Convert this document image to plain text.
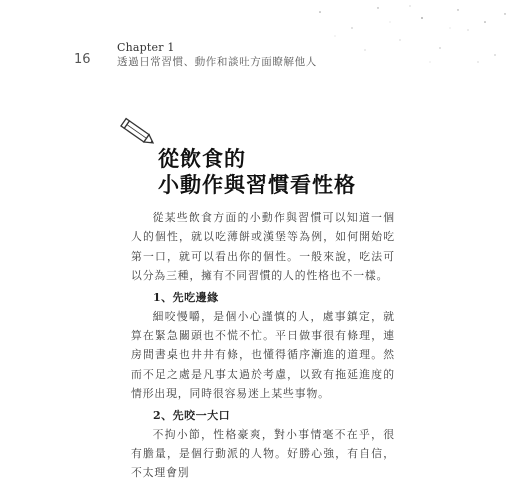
16
Chapter 1
透過日常習慣、動作和談吐方面瞭解他人
從飲食的
小動作與習慣看性格

從某些飲食方面的小動作與習慣可以知道一個人的個性，就以吃薄餅或漢堡等為例，如何開始吃第一口，就可以看出你的個性。一般來說，吃法可以分為三種，擁有不同習慣的人的性格也不一樣。

1、先吃邊緣

細咬慢嚼，是個小心謹慎的人，處事鎮定，就算在緊急關頭也不慌不忙。平日做事很有條理，連房間書桌也井井有條，也懂得循序漸進的道理。然而不足之處是凡事太過於考慮，以致有拖延進度的情形出現，同時很容易迷上某些事物。

2、先咬一大口

不拘小節，性格豪爽，對小事情毫不在乎，很有膽量，是個行動派的人物。好勝心強，有自信，不太理會別
